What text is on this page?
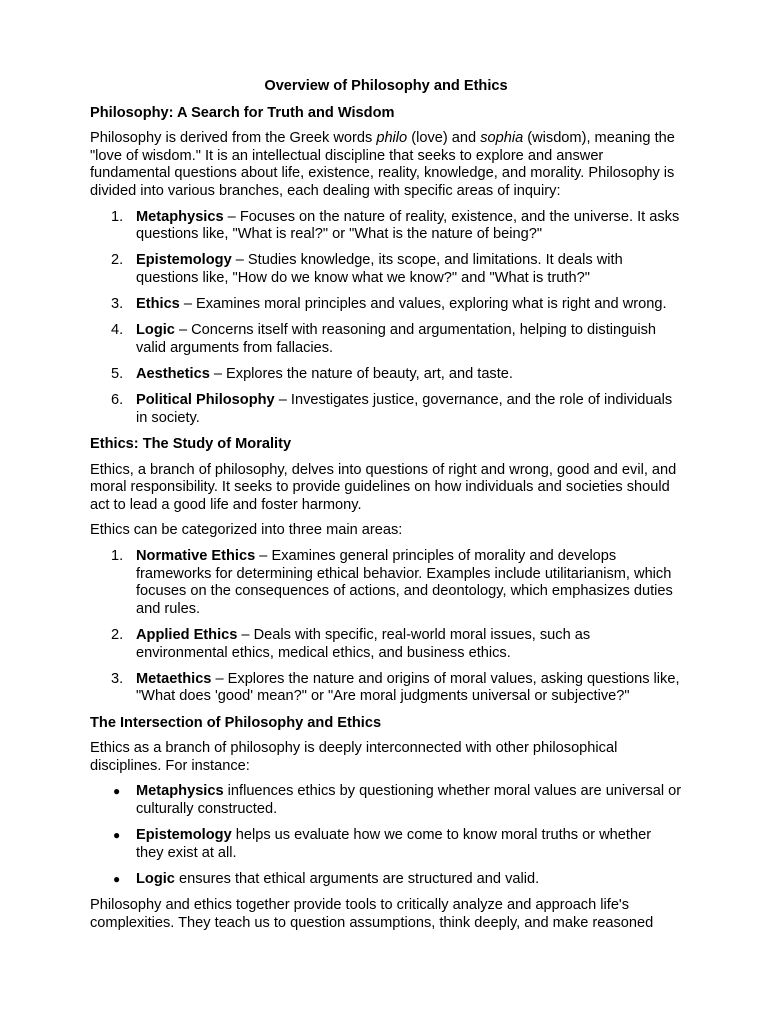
Overview of Philosophy and Ethics
Philosophy: A Search for Truth and Wisdom

Philosophy is derived from the Greek words philo (love) and sophia (wisdom), meaning the "love of wisdom." It is an intellectual discipline that seeks to explore and answer fundamental questions about life, existence, reality, knowledge, and morality. Philosophy is divided into various branches, each dealing with specific areas of inquiry:

1. Metaphysics – Focuses on the nature of reality, existence, and the universe. It asks questions like, "What is real?" or "What is the nature of being?"
2. Epistemology – Studies knowledge, its scope, and limitations. It deals with questions like, "How do we know what we know?" and "What is truth?"
3. Ethics – Examines moral principles and values, exploring what is right and wrong.
4. Logic – Concerns itself with reasoning and argumentation, helping to distinguish valid arguments from fallacies.
5. Aesthetics – Explores the nature of beauty, art, and taste.
6. Political Philosophy – Investigates justice, governance, and the role of individuals in society.
Ethics: The Study of Morality

Ethics, a branch of philosophy, delves into questions of right and wrong, good and evil, and moral responsibility. It seeks to provide guidelines on how individuals and societies should act to lead a good life and foster harmony.

Ethics can be categorized into three main areas:

1. Normative Ethics – Examines general principles of morality and develops frameworks for determining ethical behavior. Examples include utilitarianism, which focuses on the consequences of actions, and deontology, which emphasizes duties and rules.
2. Applied Ethics – Deals with specific, real-world moral issues, such as environmental ethics, medical ethics, and business ethics.
3. Metaethics – Explores the nature and origins of moral values, asking questions like, "What does 'good' mean?" or "Are moral judgments universal or subjective?"
The Intersection of Philosophy and Ethics

Ethics as a branch of philosophy is deeply interconnected with other philosophical disciplines. For instance:

● Metaphysics influences ethics by questioning whether moral values are universal or culturally constructed.
● Epistemology helps us evaluate how we come to know moral truths or whether they exist at all.
● Logic ensures that ethical arguments are structured and valid.

Philosophy and ethics together provide tools to critically analyze and approach life's complexities. They teach us to question assumptions, think deeply, and make reasoned
